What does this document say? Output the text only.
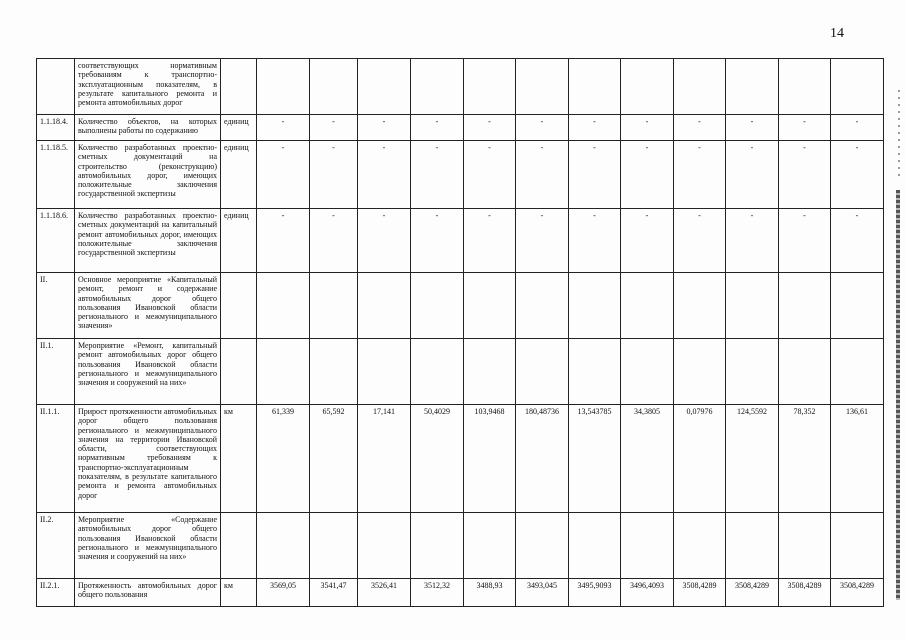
14
	соответствующих нормативным требованиям к транспортно-эксплуатационным показателям, в результате капитального ремонта и ремонта автомобильных дорог													
1.1.18.4.	Количество объектов, на которых выполнены работы по содержанию	единиц	-	-	-	-	-	-	-	-	-	-	-	-
1.1.18.5.	Количество разработанных проектно-сметных документаций на строительство (реконструкцию) автомобильных дорог, имеющих положительные заключения государственной экспертизы	единиц	-	-	-	-	-	-	-	-	-	-	-	-
1.1.18.6.	Количество разработанных проектно-сметных документаций на капитальный ремонт автомобильных дорог, имеющих положительные заключения государственной экспертизы	единиц	-	-	-	-	-	-	-	-	-	-	-	-
II.	Основное мероприятие «Капитальный ремонт, ремонт и содержание автомобильных дорог общего пользования Ивановской области регионального и межмуниципального значения»													
II.1.	Мероприятие «Ремонт, капитальный ремонт автомобильных дорог общего пользования Ивановской области регионального и межмуниципального значения и сооружений на них»													
II.1.1.	Прирост протяженности автомобильных дорог общего пользования регионального и межмуниципального значения на территории Ивановской области, соответствующих нормативным требованиям к транспортно-эксплуатационным показателям, в результате капитального ремонта и ремонта автомобильных дорог	км	61,339	65,592	17,141	50,4029	103,9468	180,48736	13,543785	34,3805	0,07976	124,5592	78,352	136,61
II.2.	Мероприятие «Содержание автомобильных дорог общего пользования Ивановской области регионального и межмуниципального значения и сооружений на них»													
II.2.1.	Протяженность автомобильных дорог общего пользования	км	3569,05	3541,47	3526,41	3512,32	3488,93	3493,045	3495,9093	3496,4093	3508,4289	3508,4289	3508,4289	3508,4289
